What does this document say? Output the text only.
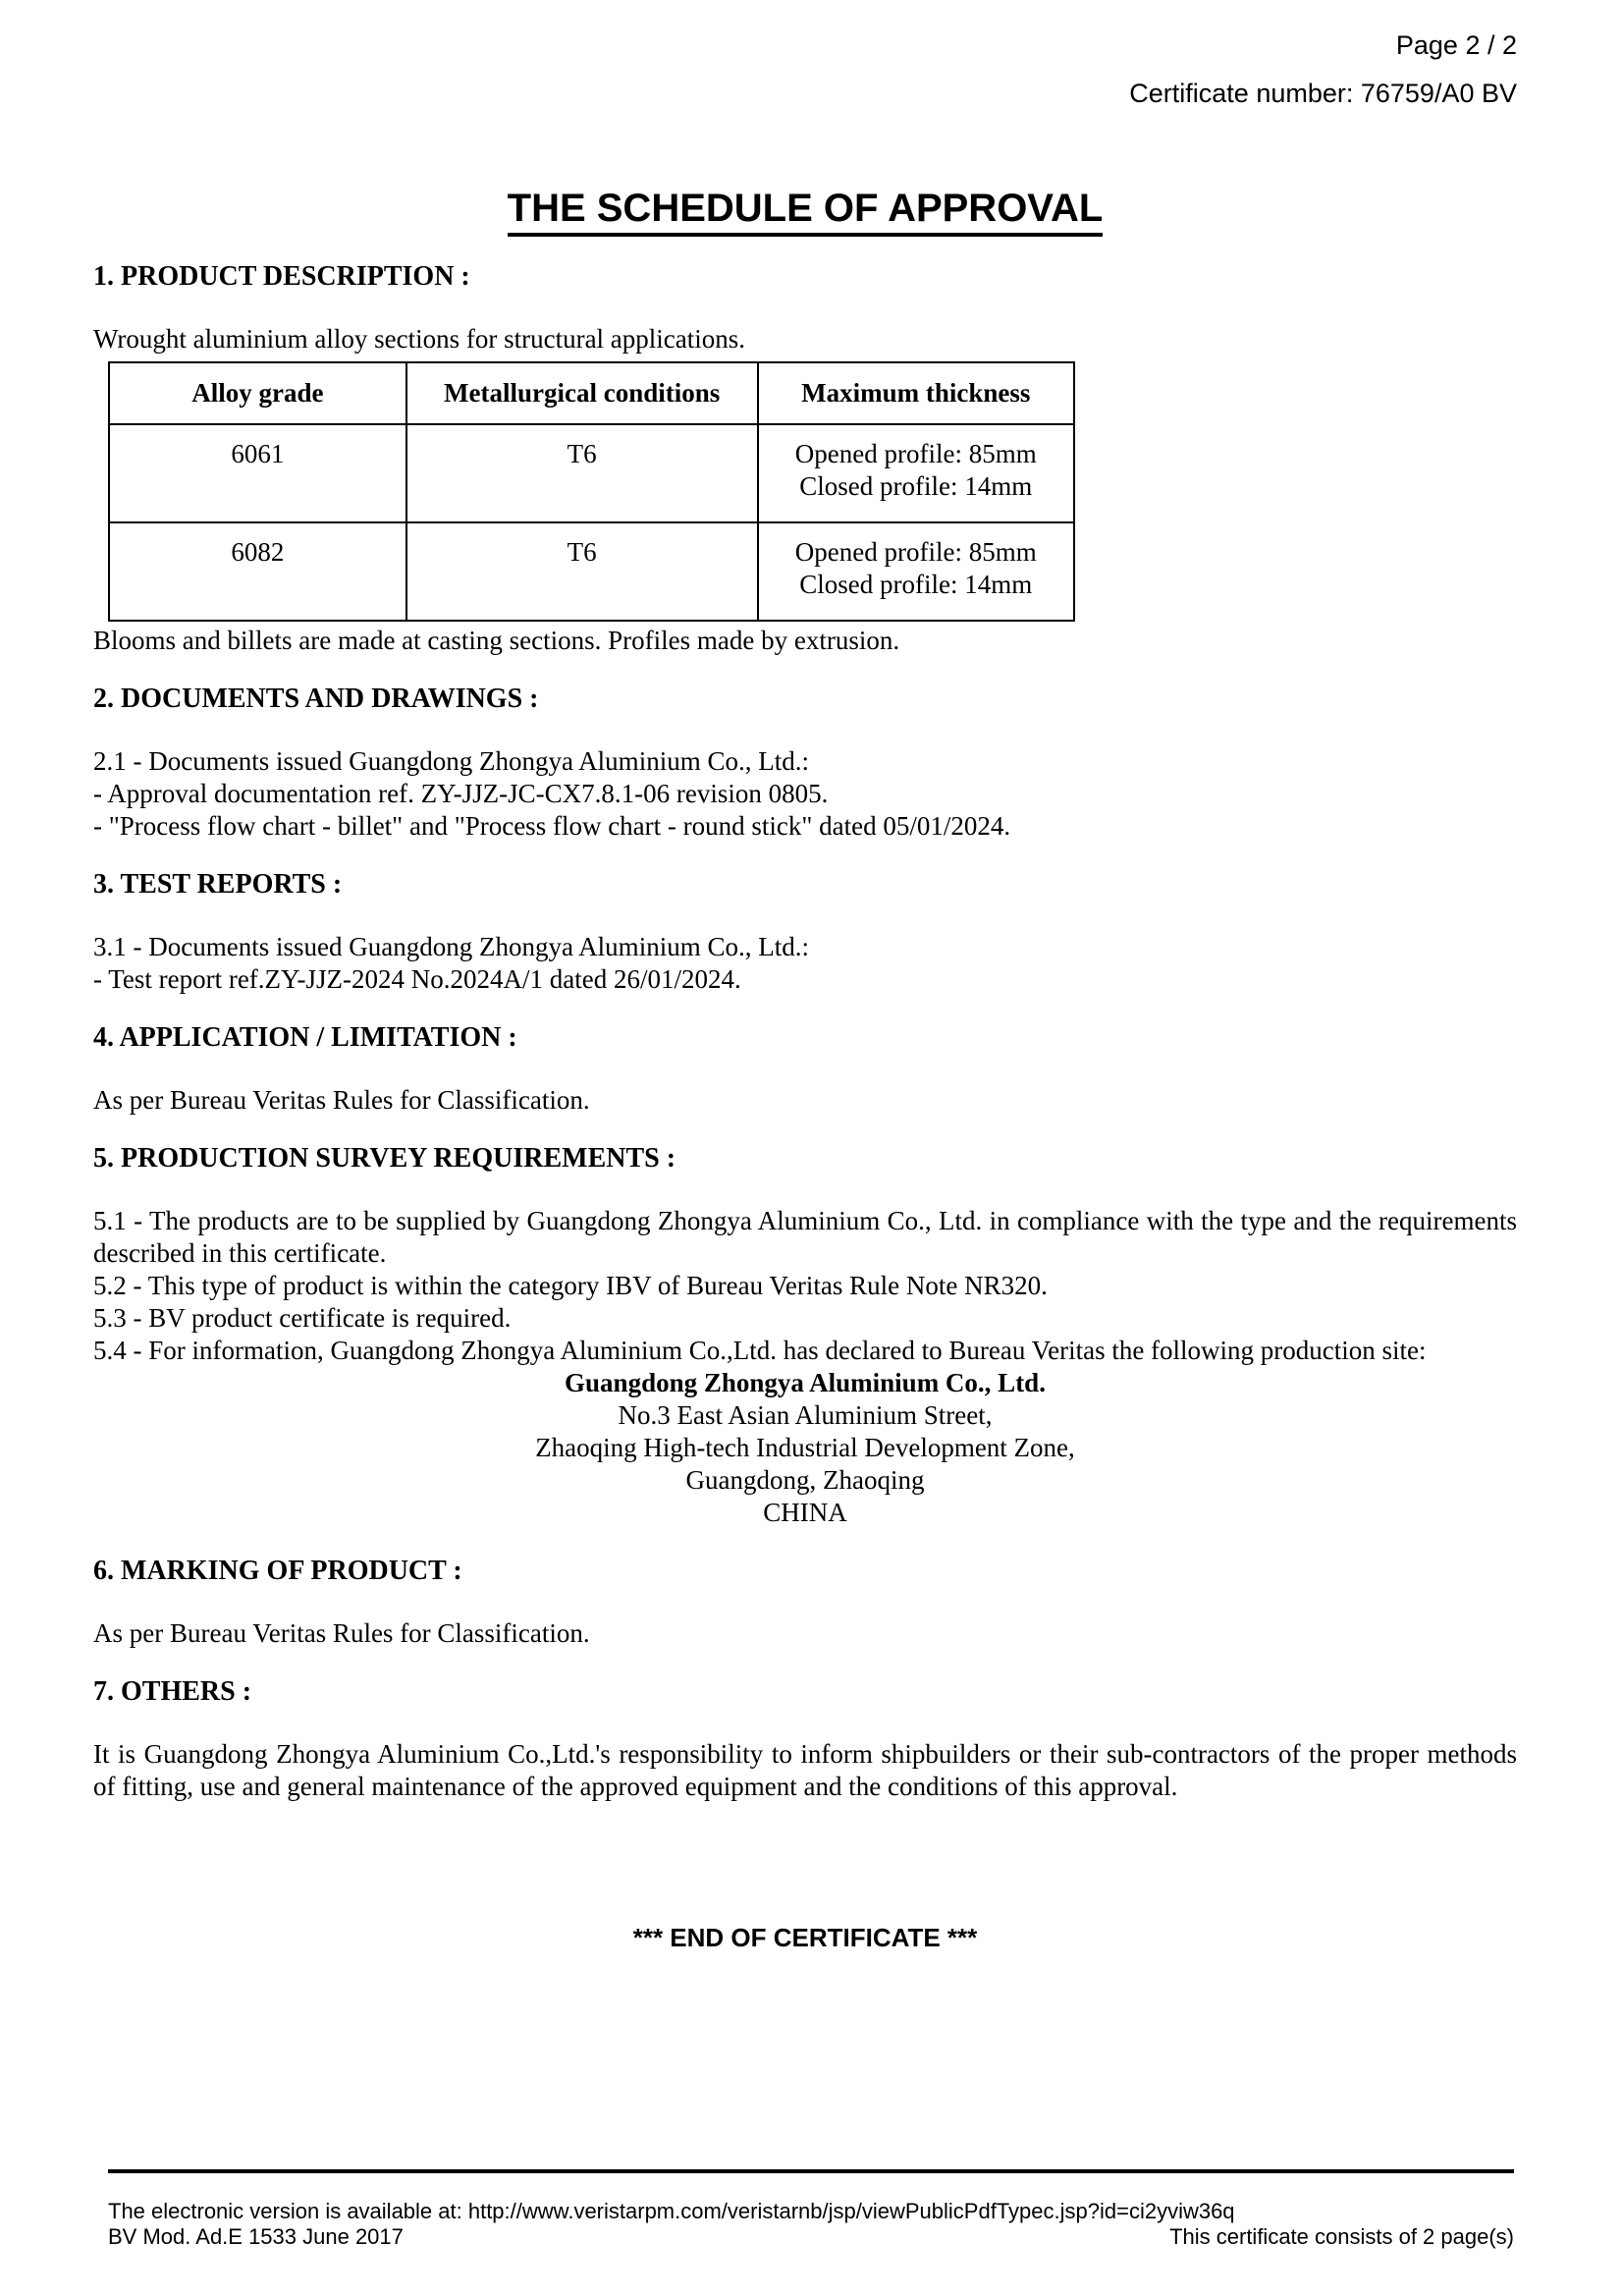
Page 2 / 2
Certificate number: 76759/A0 BV
THE SCHEDULE OF APPROVAL
1. PRODUCT DESCRIPTION :

Wrought aluminium alloy sections for structural applications.

Alloy grade	Metallurgical conditions	Maximum thickness
6061	T6	Opened profile: 85mm
Closed profile: 14mm

6082	T6	Opened profile: 85mm
Closed profile: 14mm

Blooms and billets are made at casting sections. Profiles made by extrusion.

2. DOCUMENTS AND DRAWINGS :

2.1 - Documents issued Guangdong Zhongya Aluminium Co., Ltd.:

- Approval documentation ref. ZY-JJZ-JC-CX7.8.1-06 revision 0805.

- "Process flow chart - billet" and "Process flow chart - round stick" dated 05/01/2024.

3. TEST REPORTS :

3.1 - Documents issued Guangdong Zhongya Aluminium Co., Ltd.:

- Test report ref.ZY-JJZ-2024 No.2024A/1 dated 26/01/2024.

4. APPLICATION / LIMITATION :

As per Bureau Veritas Rules for Classification.

5. PRODUCTION SURVEY REQUIREMENTS :

5.1 - The products are to be supplied by Guangdong Zhongya Aluminium Co., Ltd. in compliance with the type and the requirements described in this certificate.

5.2 - This type of product is within the category IBV of Bureau Veritas Rule Note NR320.

5.3 - BV product certificate is required.

5.4 - For information, Guangdong Zhongya Aluminium Co.,Ltd. has declared to Bureau Veritas the following production site:

Guangdong Zhongya Aluminium Co., Ltd.
No.3 East Asian Aluminium Street,
Zhaoqing High-tech Industrial Development Zone,
Guangdong, Zhaoqing
CHINA
6. MARKING OF PRODUCT :

As per Bureau Veritas Rules for Classification.

7. OTHERS :

It is Guangdong Zhongya Aluminium Co.,Ltd.'s responsibility to inform shipbuilders or their sub-contractors of the proper methods of fitting, use and general maintenance of the approved equipment and the conditions of this approval.

*** END OF CERTIFICATE ***
The electronic version is available at: http://www.veristarpm.com/veristarnb/jsp/viewPublicPdfTypec.jsp?id=ci2yviw36q
BV Mod. Ad.E 1533 June 2017	This certificate consists of 2 page(s)
